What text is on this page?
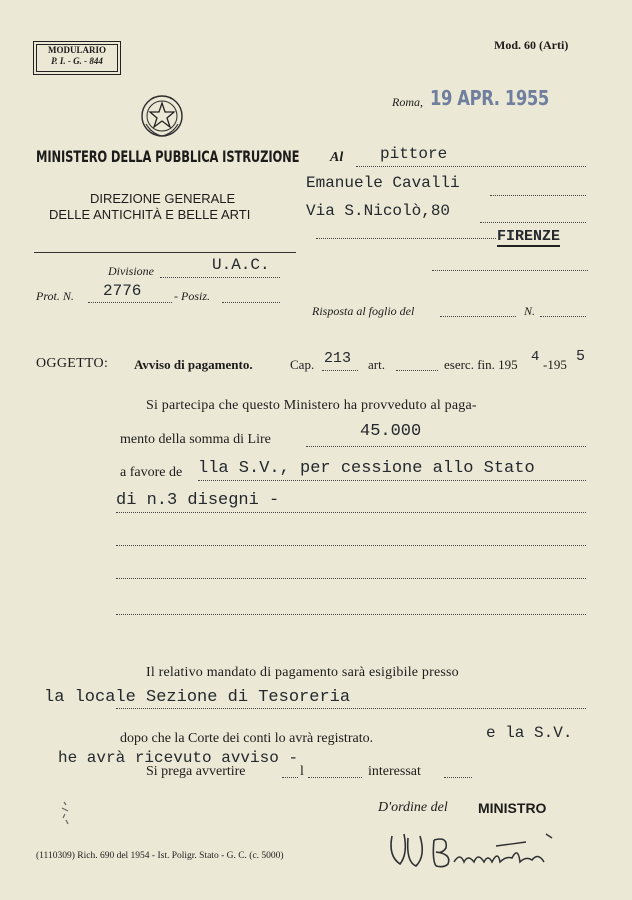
MODULARIO
P. I. - G. - 844
Mod. 60 (Arti)
MINISTERO DELLA PUBBLICA ISTRUZIONE
DIREZIONE GENERALE
DELLE ANTICHITÀ E BELLE ARTI
Divisione	U.A.C.
Prot. N. 2776	- Posiz.
Roma, 19 APR. 1955
Al pittore
Emanuele Cavalli
Via S.Nicolò,80
FIRENZE
Risposta al foglio del	N.
OGGETTO: Avviso di pagamento.	Cap. 213 art.	eserc. fin. 195 4 -195 5
Si partecipa che questo Ministero ha provveduto al paga-
mento della somma di Lire	45.000
a favore de lla S.V., per cessione allo Stato
di n.3 disegni -
Il relativo mandato di pagamento sarà esigibile presso
la locale Sezione di Tesoreria
dopo che la Corte dei conti lo avrà registrato.	e la S.V.
he avrà ricevuto avviso -
Si prega avvertire	l	interessat
D'ordine del MINISTRO
(1110309) Rich. 690 del 1954 - Ist. Poligr. Stato - G. C. (c. 5000)
